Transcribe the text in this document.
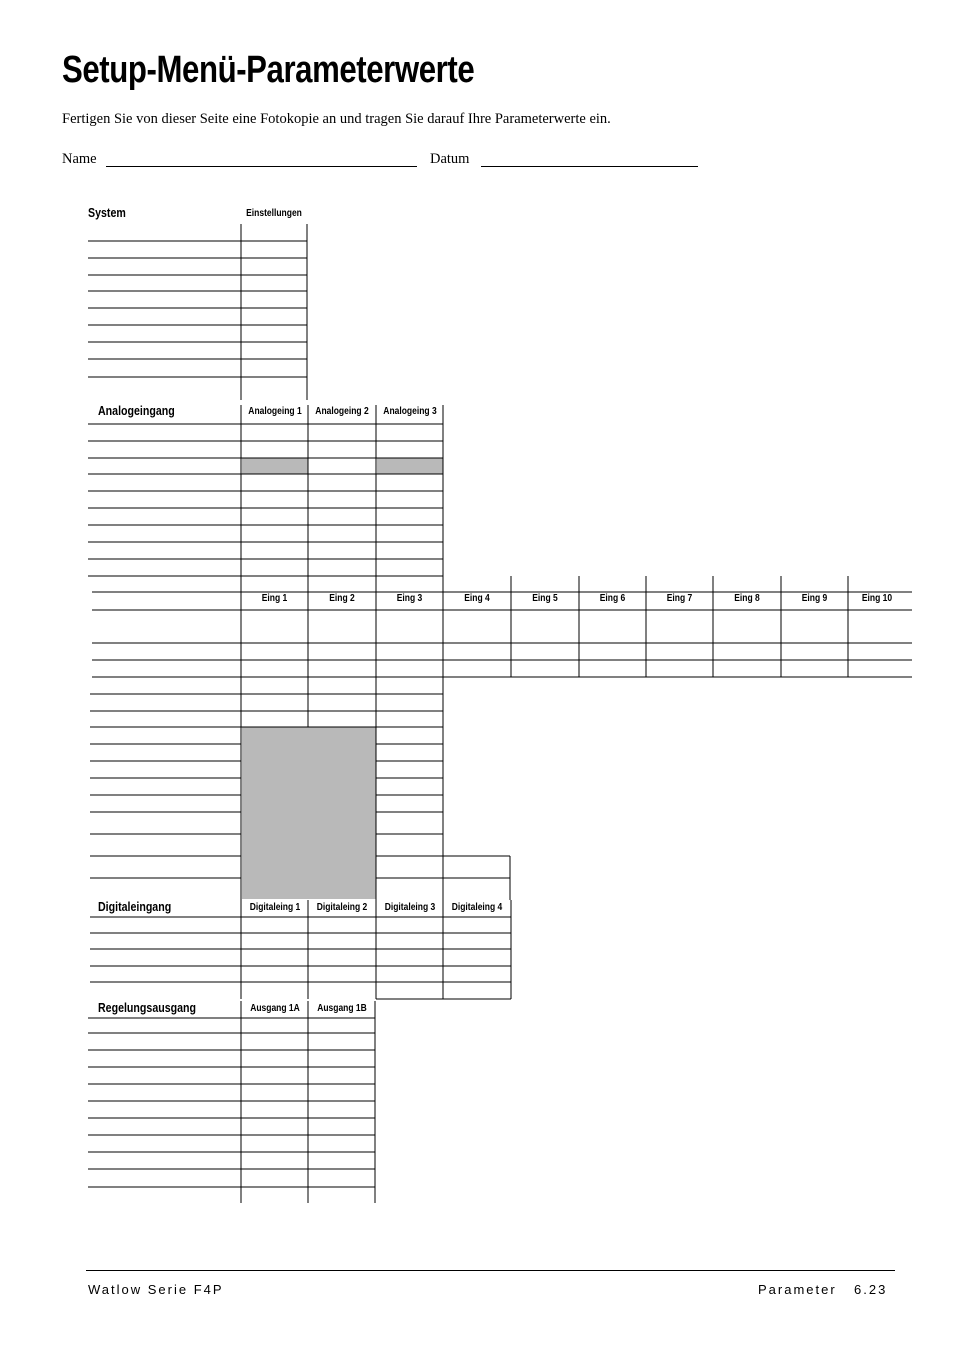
Setup-Menü-Parameterwerte

Fertigen Sie von dieser Seite eine Fotokopie an und tragen Sie darauf Ihre Parameterwerte ein.

Name	Datum
System	Einstellungen
Analogeingang	Analogeing 1	Analogeing 2	Analogeing 3
Eing 1	Eing 2	Eing 3	Eing 4	Eing 5	Eing 6	Eing 7	Eing 8	Eing 9	Eing 10
Digitaleingang	Digitaleing 1	Digitaleing 2	Digitaleing 3	Digitaleing 4
Regelungsausgang	Ausgang 1A	Ausgang 1B
Watlow Serie F4P	Parameter 6.23
